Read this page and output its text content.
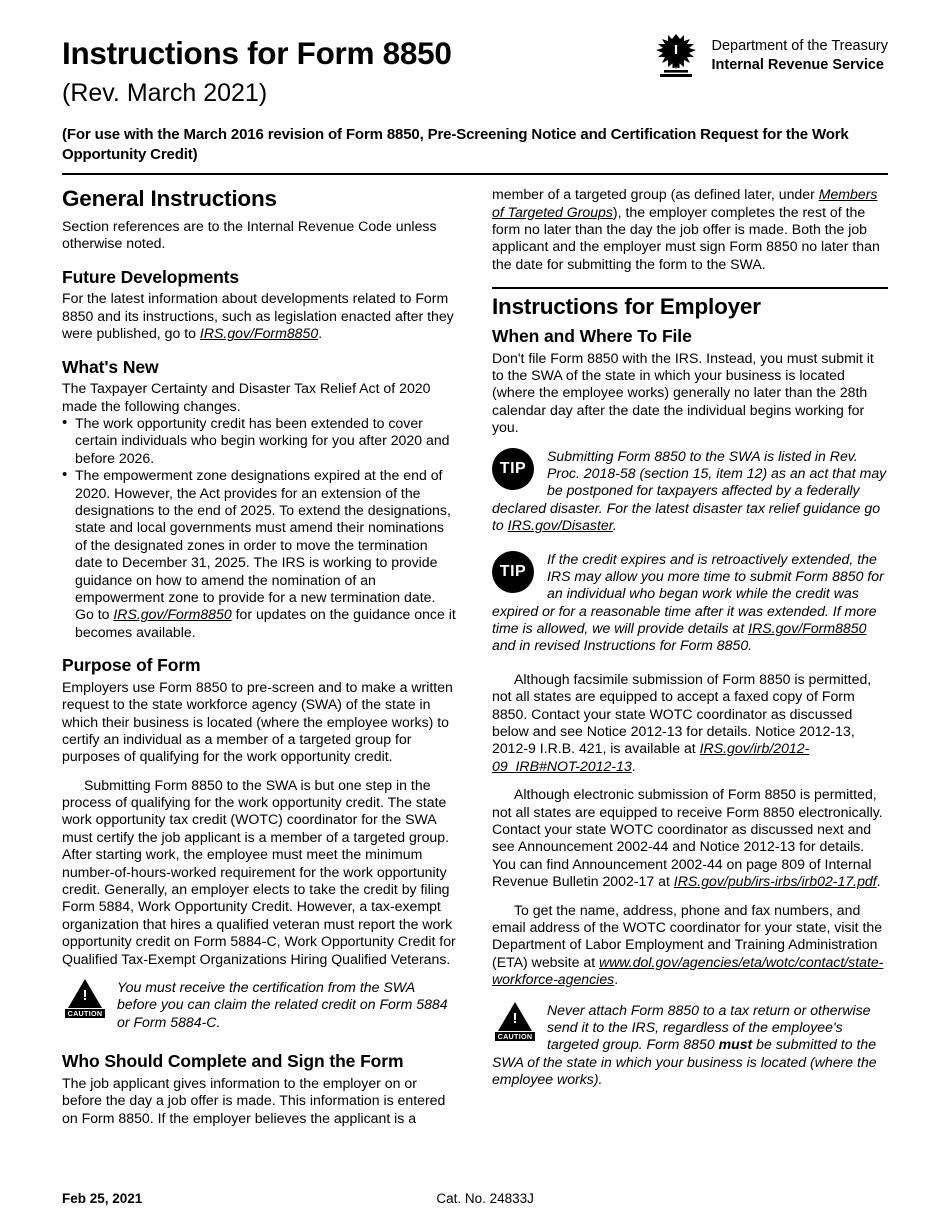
Department of the Treasury
Internal Revenue Service
Instructions for Form 8850
(Rev. March 2021)
(For use with the March 2016 revision of Form 8850, Pre-Screening Notice and Certification Request for the Work Opportunity Credit)
General Instructions

Section references are to the Internal Revenue Code unless otherwise noted.

Future Developments

For the latest information about developments related to Form 8850 and its instructions, such as legislation enacted after they were published, go to IRS.gov/Form8850.

What's New

The Taxpayer Certainty and Disaster Tax Relief Act of 2020 made the following changes.

• The work opportunity credit has been extended to cover certain individuals who begin working for you after 2020 and before 2026.

• The empowerment zone designations expired at the end of 2020. However, the Act provides for an extension of the designations to the end of 2025. To extend the designations, state and local governments must amend their nominations of the designated zones in order to move the termination date to December 31, 2025. The IRS is working to provide guidance on how to amend the nomination of an empowerment zone to provide for a new termination date. Go to IRS.gov/Form8850 for updates on the guidance once it becomes available.

Purpose of Form

Employers use Form 8850 to pre-screen and to make a written request to the state workforce agency (SWA) of the state in which their business is located (where the employee works) to certify an individual as a member of a targeted group for purposes of qualifying for the work opportunity credit.

Submitting Form 8850 to the SWA is but one step in the process of qualifying for the work opportunity credit. The state work opportunity tax credit (WOTC) coordinator for the SWA must certify the job applicant is a member of a targeted group. After starting work, the employee must meet the minimum number-of-hours-worked requirement for the work opportunity credit. Generally, an employer elects to take the credit by filing Form 5884, Work Opportunity Credit. However, a tax-exempt organization that hires a qualified veteran must report the work opportunity credit on Form 5884-C, Work Opportunity Credit for Qualified Tax-Exempt Organizations Hiring Qualified Veterans.

!
CAUTION
You must receive the certification from the SWA before you can claim the related credit on Form 5884 or Form 5884-C.
Who Should Complete and Sign the Form

The job applicant gives information to the employer on or before the day a job offer is made. This information is entered on Form 8850. If the employer believes the applicant is a

member of a targeted group (as defined later, under Members of Targeted Groups), the employer completes the rest of the form no later than the day the job offer is made. Both the job applicant and the employer must sign Form 8850 no later than the date for submitting the form to the SWA.

Instructions for Employer
When and Where To File

Don't file Form 8850 with the IRS. Instead, you must submit it to the SWA of the state in which your business is located (where the employee works) generally no later than the 28th calendar day after the date the individual begins working for you.

TIP
Submitting Form 8850 to the SWA is listed in Rev. Proc. 2018-58 (section 15, item 12) as an act that may be postponed for taxpayers affected by a federally declared disaster. For the latest disaster tax relief guidance go to IRS.gov/Disaster.
TIP
If the credit expires and is retroactively extended, the IRS may allow you more time to submit Form 8850 for an individual who began work while the credit was expired or for a reasonable time after it was extended. If more time is allowed, we will provide details at IRS.gov/Form8850 and in revised Instructions for Form 8850.

Although facsimile submission of Form 8850 is permitted, not all states are equipped to accept a faxed copy of Form 8850. Contact your state WOTC coordinator as discussed below and see Notice 2012-13 for details. Notice 2012-13, 2012-9 I.R.B. 421, is available at IRS.gov/irb/2012-09_IRB#NOT-2012-13.

Although electronic submission of Form 8850 is permitted, not all states are equipped to receive Form 8850 electronically. Contact your state WOTC coordinator as discussed next and see Announcement 2002-44 and Notice 2012-13 for details. You can find Announcement 2002-44 on page 809 of Internal Revenue Bulletin 2002-17 at IRS.gov/pub/irs-irbs/irb02-17.pdf.

To get the name, address, phone and fax numbers, and email address of the WOTC coordinator for your state, visit the Department of Labor Employment and Training Administration (ETA) website at www.dol.gov/agencies/eta/wotc/contact/state-workforce-agencies.

!
CAUTION
Never attach Form 8850 to a tax return or otherwise send it to the IRS, regardless of the employee's targeted group. Form 8850 must be submitted to the SWA of the state in which your business is located (where the employee works).
Feb 25, 2021	Cat. No. 24833J
